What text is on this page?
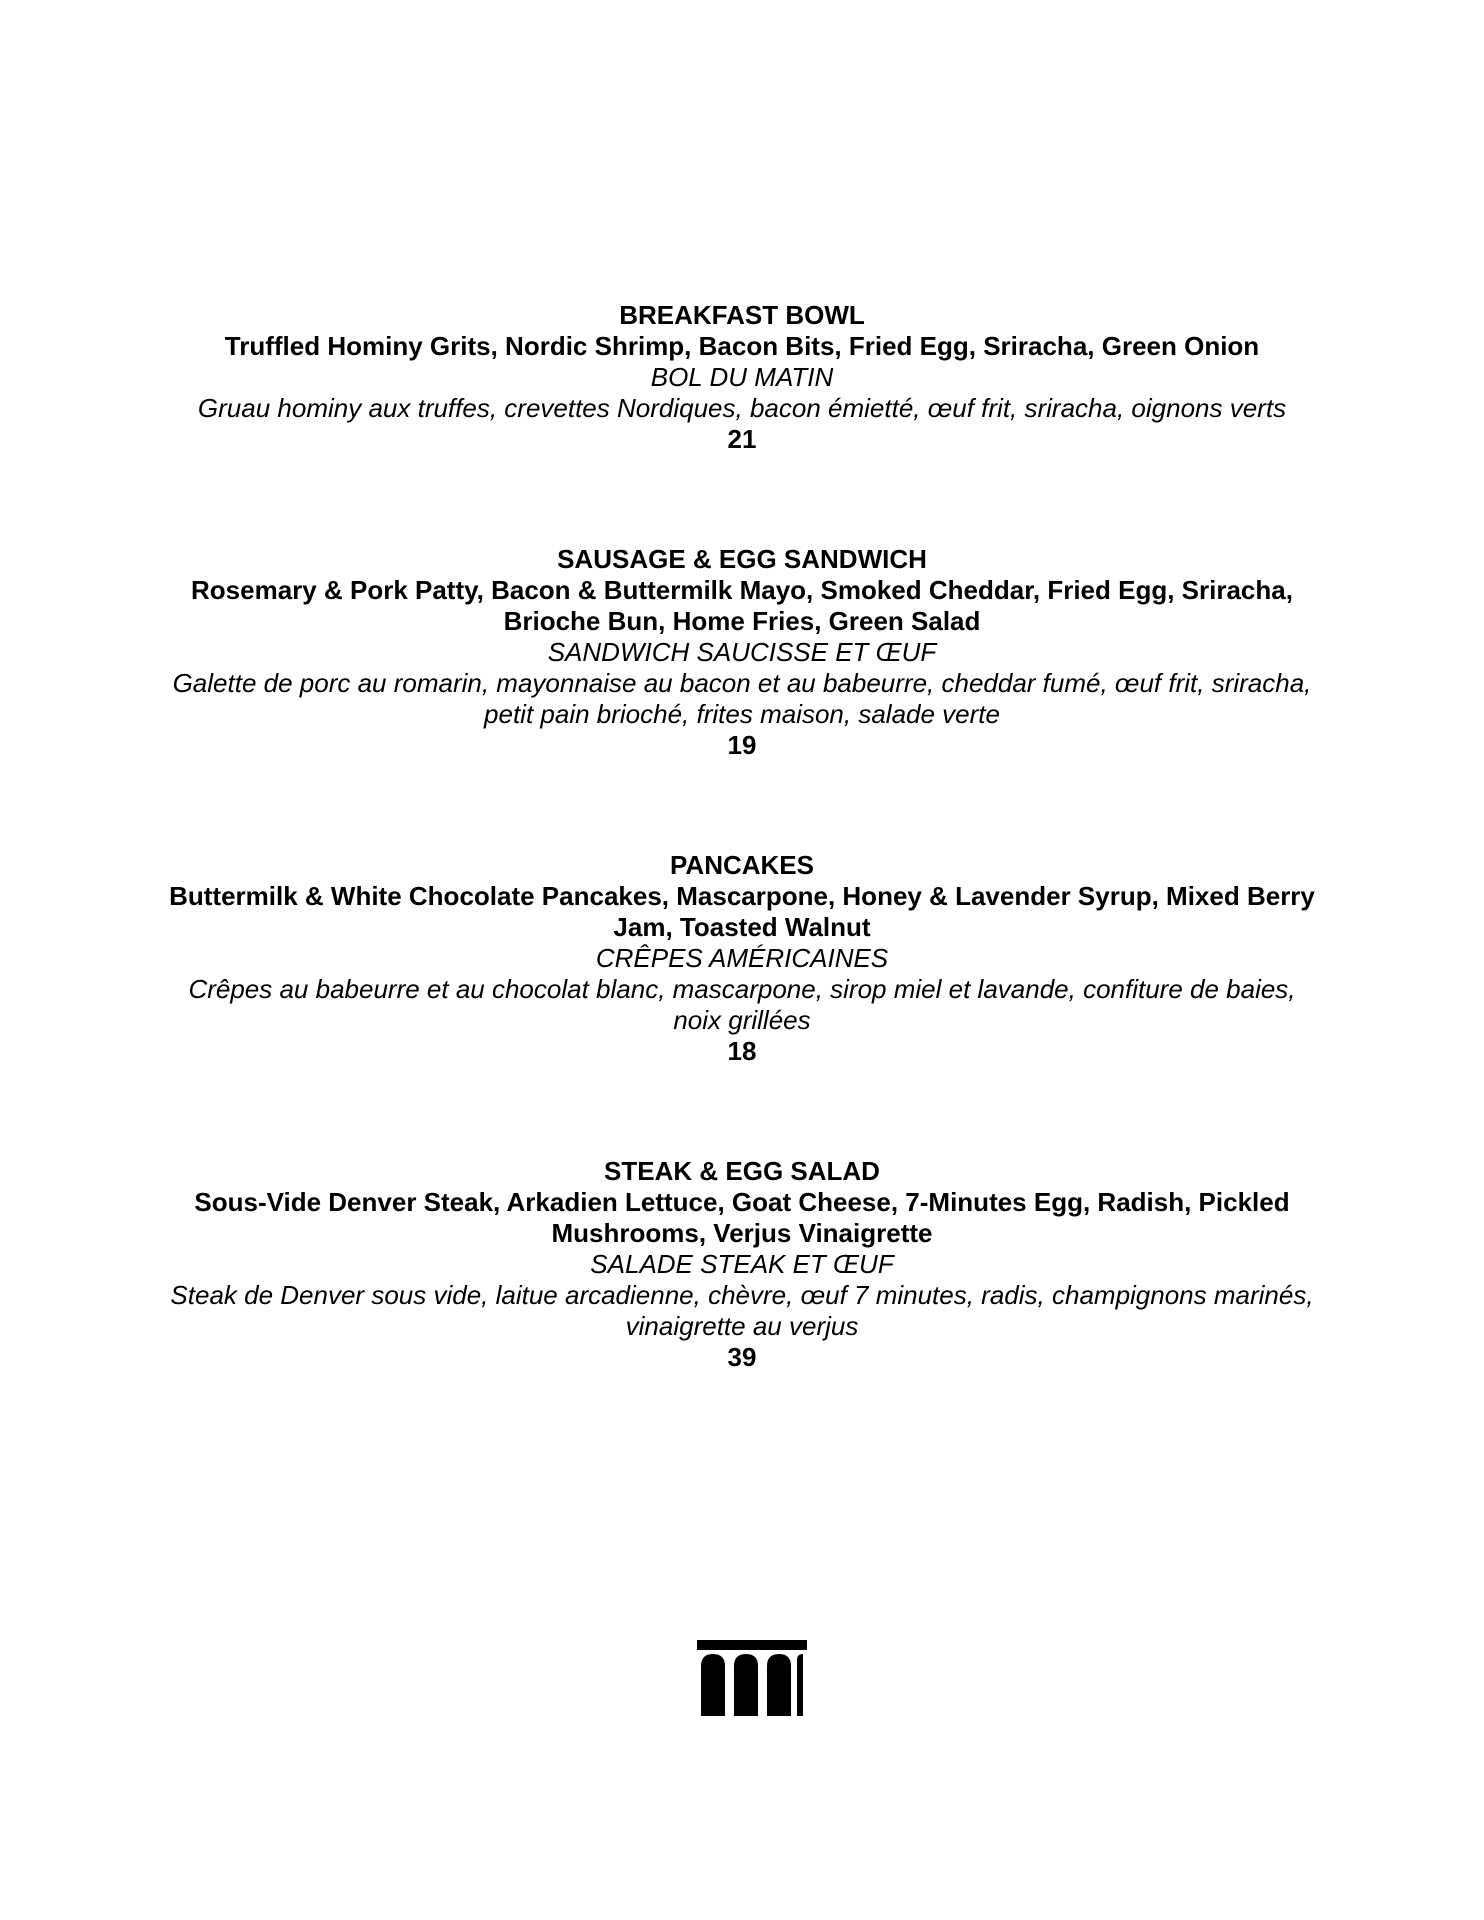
BREAKFAST BOWL
Truffled Hominy Grits, Nordic Shrimp, Bacon Bits, Fried Egg, Sriracha, Green Onion
BOL DU MATIN
Gruau hominy aux truffes, crevettes Nordiques, bacon émietté, œuf frit, sriracha, oignons verts
21
SAUSAGE & EGG SANDWICH
Rosemary & Pork Patty, Bacon & Buttermilk Mayo, Smoked Cheddar, Fried Egg, Sriracha, Brioche Bun, Home Fries, Green Salad
SANDWICH SAUCISSE ET ŒUF
Galette de porc au romarin, mayonnaise au bacon et au babeurre, cheddar fumé, œuf frit, sriracha, petit pain brioché, frites maison, salade verte
19
PANCAKES
Buttermilk & White Chocolate Pancakes, Mascarpone, Honey & Lavender Syrup, Mixed Berry Jam, Toasted Walnut
CRÊPES AMÉRICAINES
Crêpes au babeurre et au chocolat blanc, mascarpone, sirop miel et lavande, confiture de baies, noix grillées
18
STEAK & EGG SALAD
Sous-Vide Denver Steak, Arkadien Lettuce, Goat Cheese, 7-Minutes Egg, Radish, Pickled Mushrooms, Verjus Vinaigrette
SALADE STEAK ET ŒUF
Steak de Denver sous vide, laitue arcadienne, chèvre, œuf 7 minutes, radis, champignons marinés, vinaigrette au verjus
39
